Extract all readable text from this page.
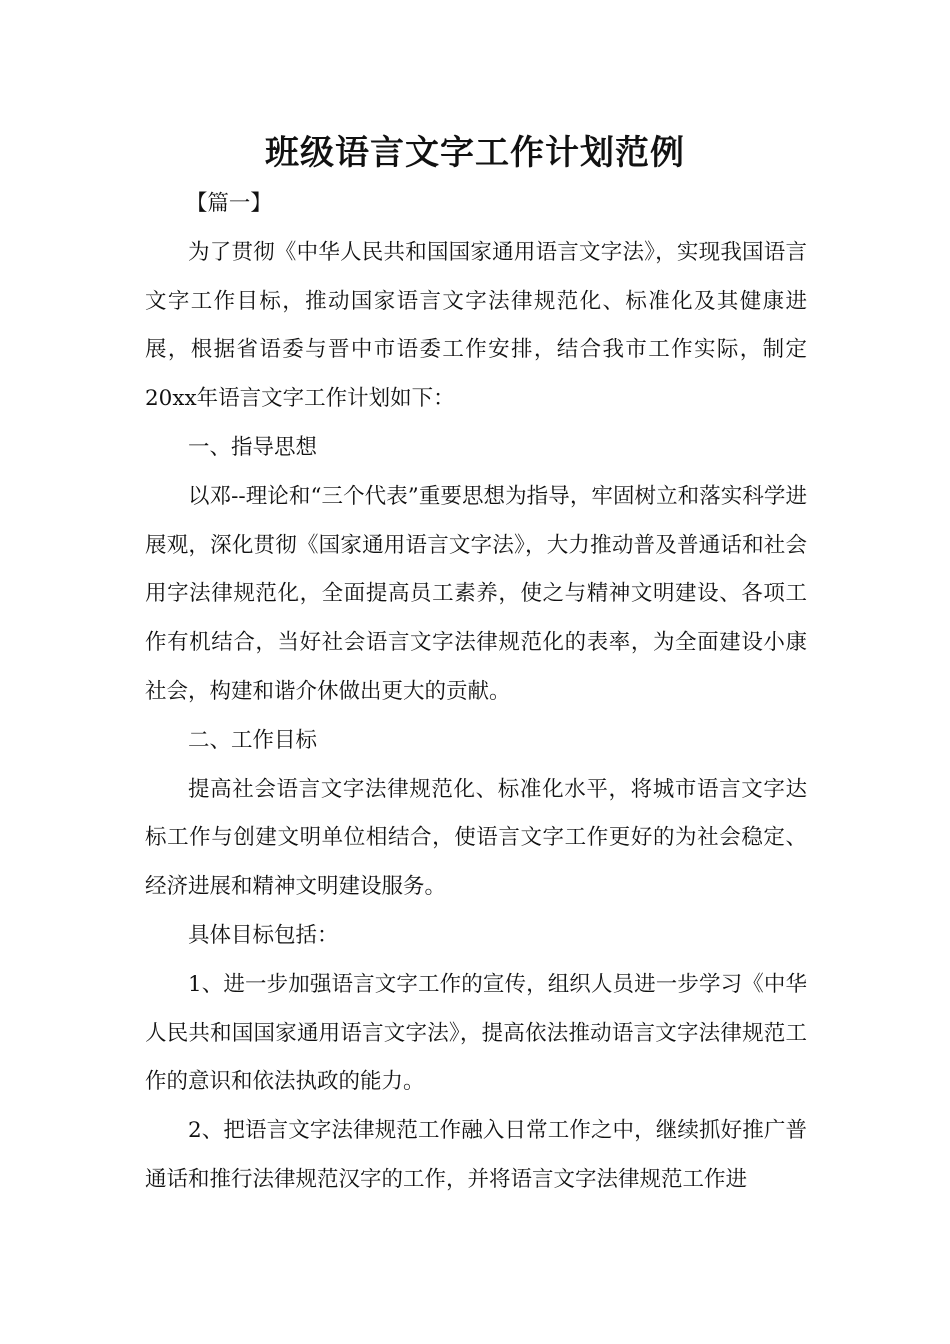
班级语言文字工作计划范例

【篇一】

为了贯彻《中华人民共和国国家通用语言文字法》，实现我国语言文字工作目标，推动国家语言文字法律规范化、标准化及其健康进展，根据省语委与晋中市语委工作安排，结合我市工作实际，制定20xx年语言文字工作计划如下：

一、指导思想

以邓--理论和“三个代表”重要思想为指导，牢固树立和落实科学进展观，深化贯彻《国家通用语言文字法》，大力推动普及普通话和社会用字法律规范化，全面提高员工素养，使之与精神文明建设、各项工作有机结合，当好社会语言文字法律规范化的表率，为全面建设小康社会，构建和谐介休做出更大的贡献。

二、工作目标

提高社会语言文字法律规范化、标准化水平，将城市语言文字达标工作与创建文明单位相结合，使语言文字工作更好的为社会稳定、经济进展和精神文明建设服务。

具体目标包括：

1、进一步加强语言文字工作的宣传，组织人员进一步学习《中华人民共和国国家通用语言文字法》，提高依法推动语言文字法律规范工作的意识和依法执政的能力。

2、把语言文字法律规范工作融入日常工作之中，继续抓好推广普通话和推行法律规范汉字的工作，并将语言文字法律规范工作进
